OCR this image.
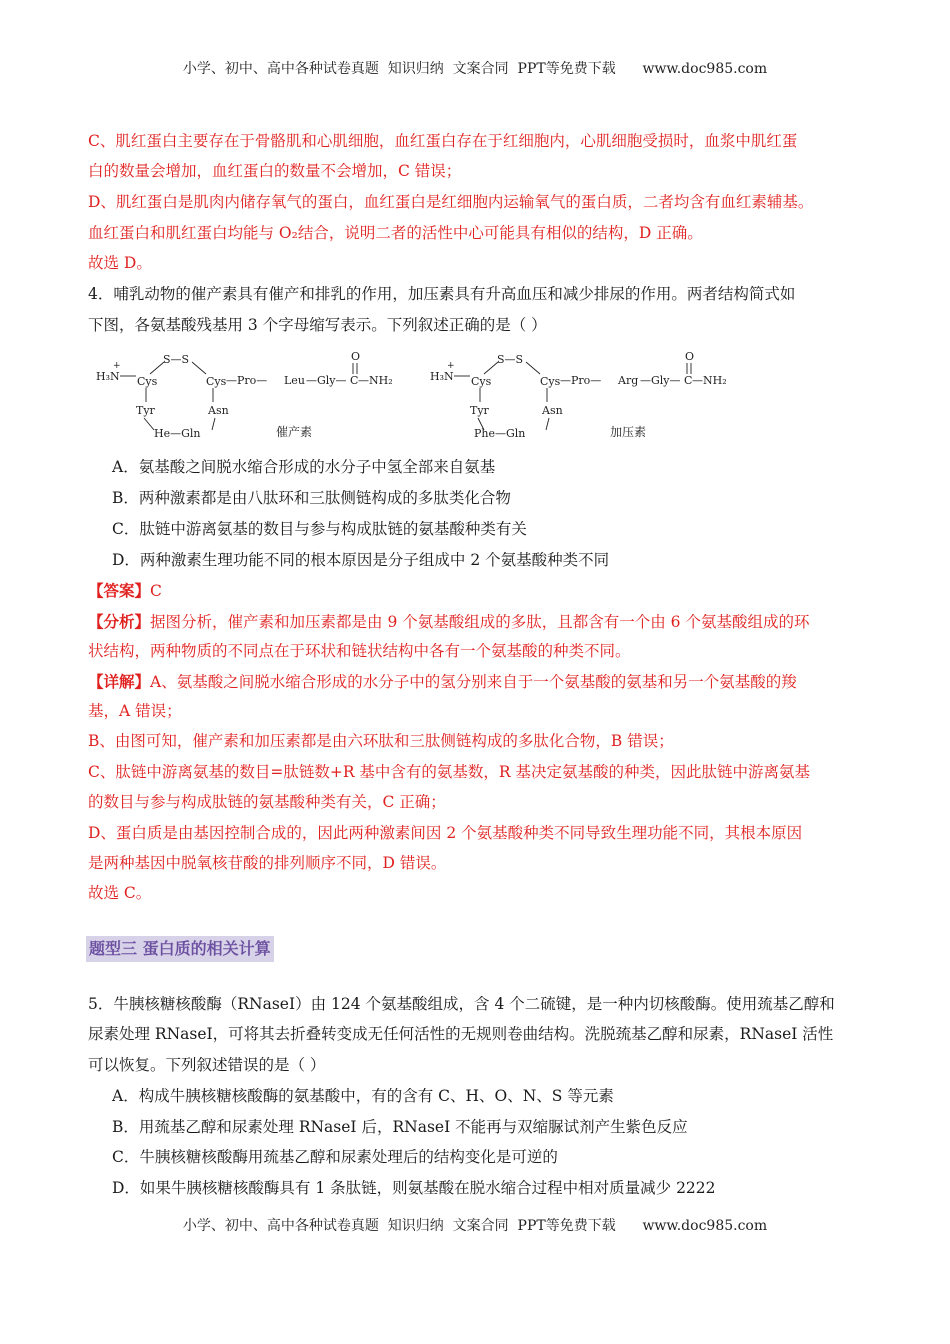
小学、初中、高中各种试卷真题  知识归纳  文案合同  PPT等免费下载      www.doc985.com
C、肌红蛋白主要存在于骨骼肌和心肌细胞，血红蛋白存在于红细胞内，心肌细胞受损时，血浆中肌红蛋
白的数量会增加，血红蛋白的数量不会增加，C 错误；
D、肌红蛋白是肌肉内储存氧气的蛋白，血红蛋白是红细胞内运输氧气的蛋白质，二者均含有血红素辅基。
血红蛋白和肌红蛋白均能与 O₂结合，说明二者的活性中心可能具有相似的结构，D 正确。
故选 D。
4．哺乳动物的催产素具有催产和排乳的作用，加压素具有升高血压和减少排尿的作用。两者结构简式如
下图，各氨基酸残基用 3 个字母缩写表示。下列叙述正确的是（ ）
H₃N
+
Cys
S—S
Cys —Pro— Leu —Gly—
O
C —NH₂
Tyr	Asn
He—Gln	催产素
H₃N
+
Cys
S—S
Cys —Pro— Arg —Gly—
O
C —NH₂
Tyr	Asn
Phe—Gln	加压素
A．氨基酸之间脱水缩合形成的水分子中氢全部来自氨基
B．两种激素都是由八肽环和三肽侧链构成的多肽类化合物
C．肽链中游离氨基的数目与参与构成肽链的氨基酸种类有关
D．两种激素生理功能不同的根本原因是分子组成中 2 个氨基酸种类不同
【答案】C
【分析】据图分析，催产素和加压素都是由 9 个氨基酸组成的多肽，且都含有一个由 6 个氨基酸组成的环
状结构，两种物质的不同点在于环状和链状结构中各有一个氨基酸的种类不同。
【详解】A、氨基酸之间脱水缩合形成的水分子中的氢分别来自于一个氨基酸的氨基和另一个氨基酸的羧
基，A 错误；
B、由图可知，催产素和加压素都是由六环肽和三肽侧链构成的多肽化合物，B 错误；
C、肽链中游离氨基的数目=肽链数+R 基中含有的氨基数，R 基决定氨基酸的种类，因此肽链中游离氨基
的数目与参与构成肽链的氨基酸种类有关，C 正确；
D、蛋白质是由基因控制合成的，因此两种激素间因 2 个氨基酸种类不同导致生理功能不同，其根本原因
是两种基因中脱氧核苷酸的排列顺序不同，D 错误。
故选 C。
题型三 蛋白质的相关计算
5．牛胰核糖核酸酶（RNaseI）由 124 个氨基酸组成，含 4 个二硫键，是一种内切核酸酶。使用巯基乙醇和
尿素处理 RNaseI，可将其去折叠转变成无任何活性的无规则卷曲结构。洗脱巯基乙醇和尿素，RNaseI 活性
可以恢复。下列叙述错误的是（ ）
A．构成牛胰核糖核酸酶的氨基酸中，有的含有 C、H、O、N、S 等元素
B．用巯基乙醇和尿素处理 RNaseI 后，RNaseI 不能再与双缩脲试剂产生紫色反应
C．牛胰核糖核酸酶用巯基乙醇和尿素处理后的结构变化是可逆的
D．如果牛胰核糖核酸酶具有 1 条肽链，则氨基酸在脱水缩合过程中相对质量减少 2222
小学、初中、高中各种试卷真题  知识归纳  文案合同  PPT等免费下载      www.doc985.com
